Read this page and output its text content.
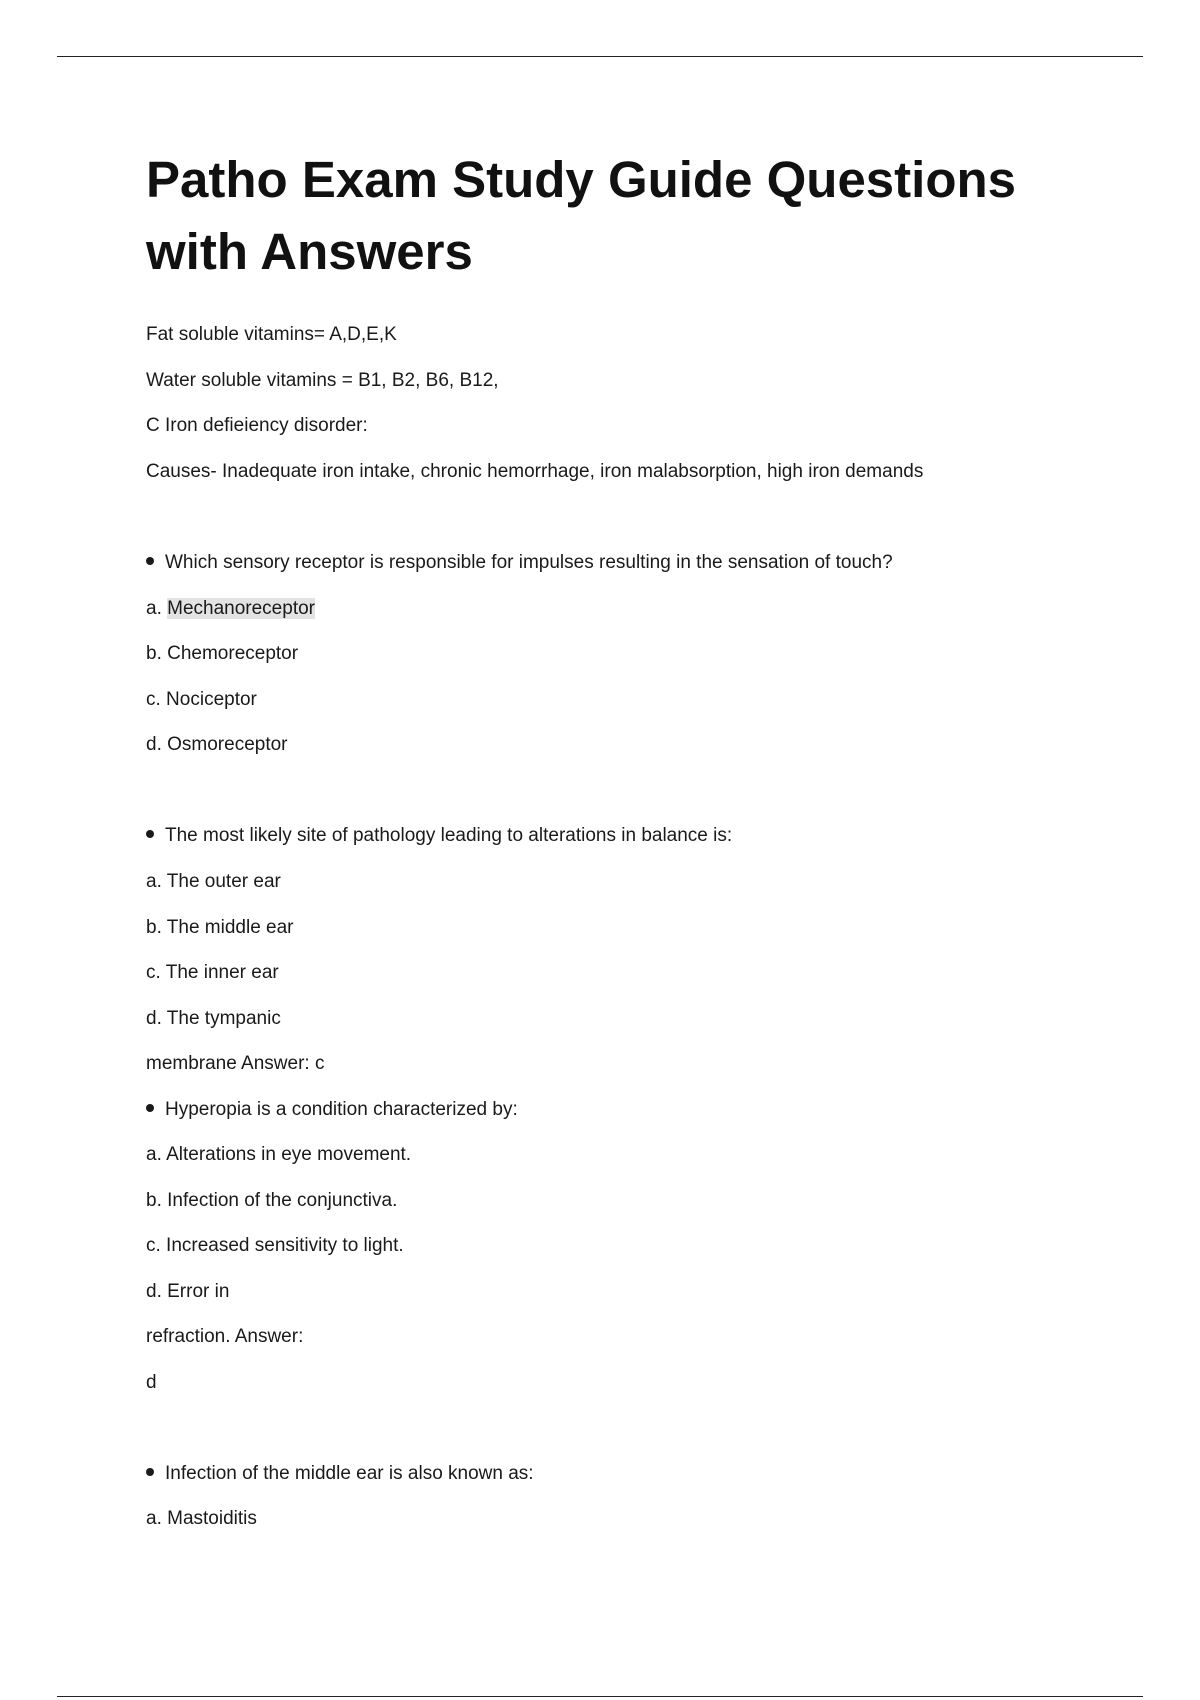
Patho Exam Study Guide Questions with Answers
Fat soluble vitamins= A,D,E,K
Water soluble vitamins = B1, B2, B6, B12,
C Iron defieiency disorder:
Causes- Inadequate iron intake, chronic hemorrhage, iron malabsorption, high iron demands
Which sensory receptor is responsible for impulses resulting in the sensation of touch?
a. Mechanoreceptor
b. Chemoreceptor
c. Nociceptor
d. Osmoreceptor
The most likely site of pathology leading to alterations in balance is:
a. The outer ear
b. The middle ear
c. The inner ear
d. The tympanic
membrane Answer: c
Hyperopia is a condition characterized by:
a. Alterations in eye movement.
b. Infection of the conjunctiva.
c. Increased sensitivity to light.
d. Error in
refraction. Answer:
d
Infection of the middle ear is also known as:
a. Mastoiditis
